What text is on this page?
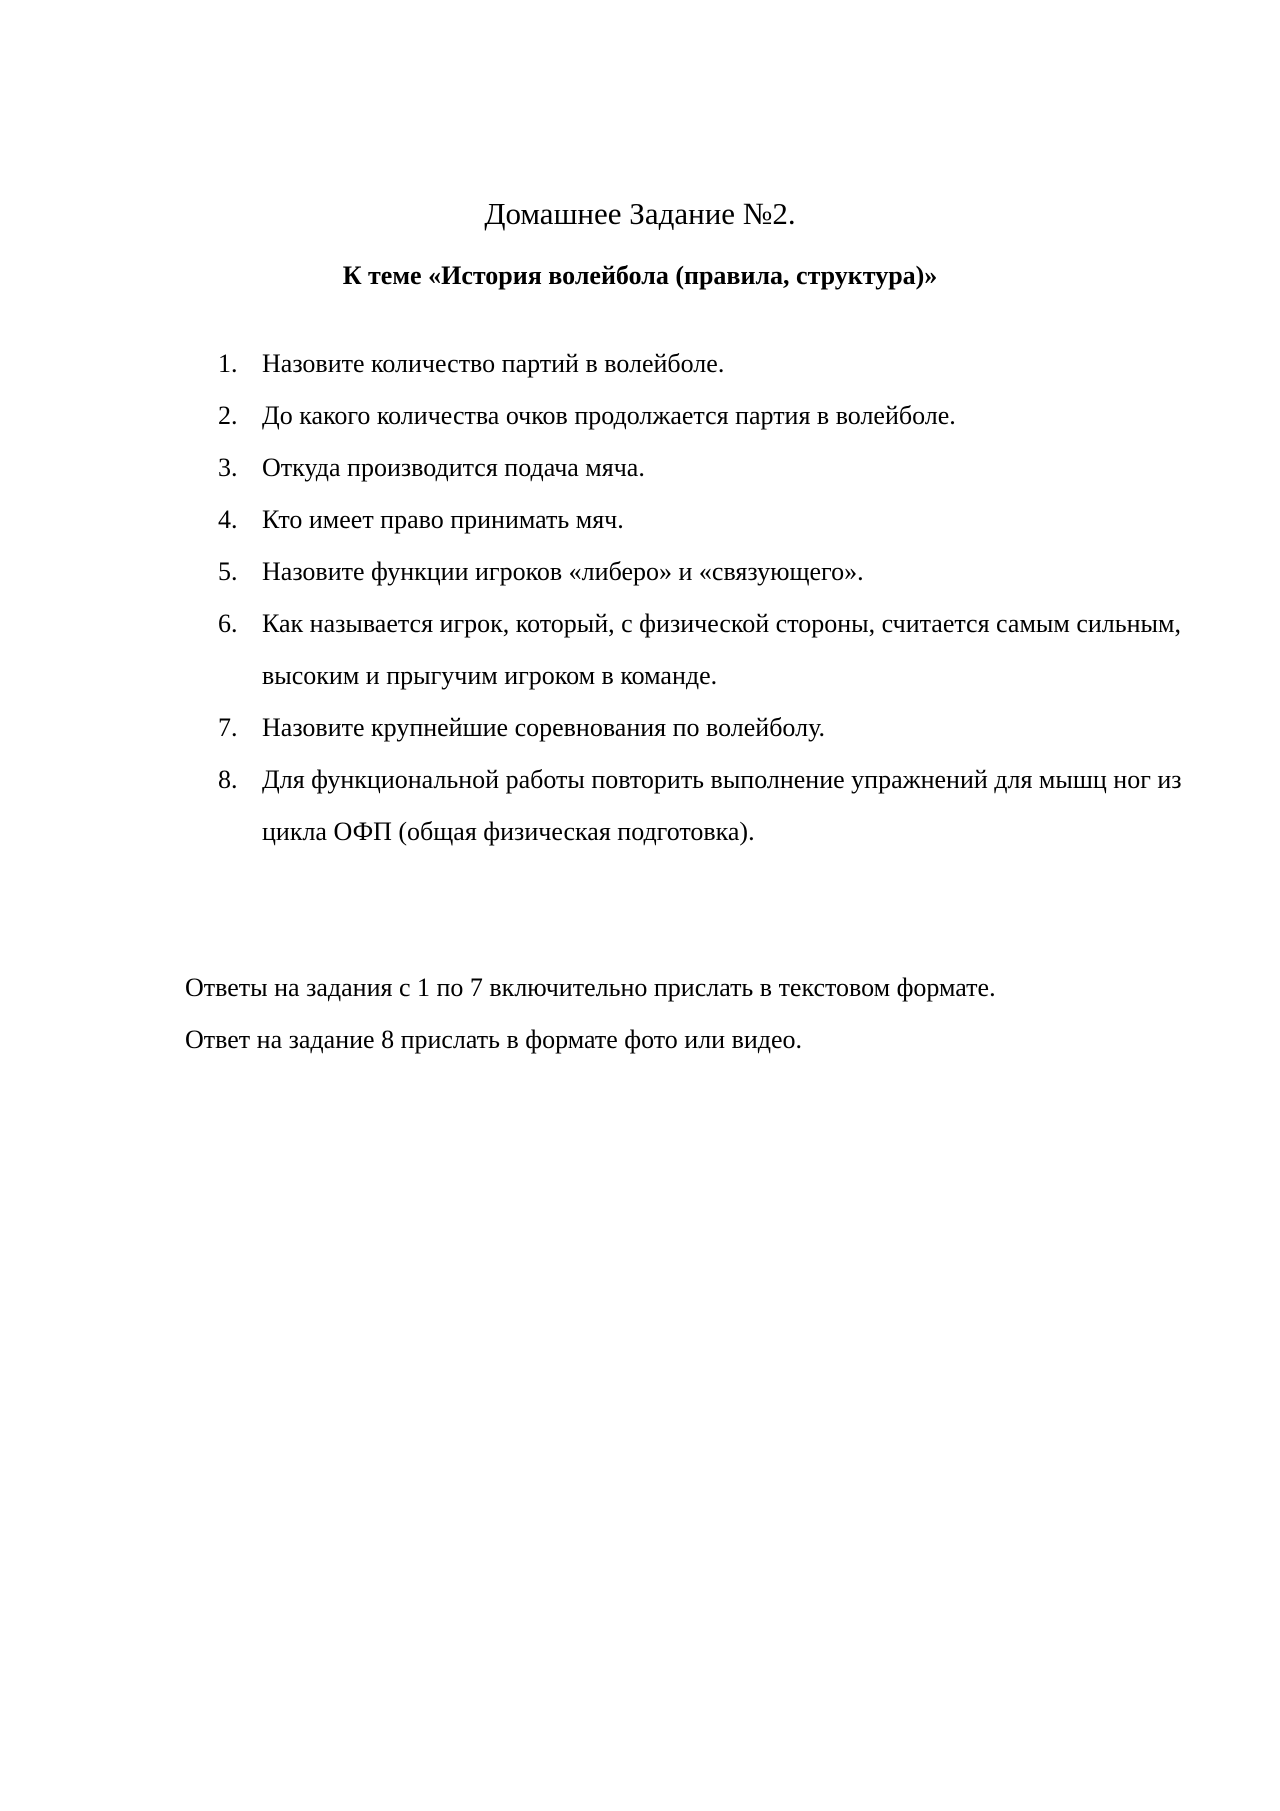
Домашнее Задание №2.
К теме «История волейбола (правила, структура)»
1. Назовите количество партий в волейболе.
2. До какого количества очков продолжается партия в волейболе.
3. Откуда производится подача мяча.
4. Кто имеет право принимать мяч.
5. Назовите функции игроков «либеро» и «связующего».
6. Как называется игрок, который, с физической стороны, считается самым сильным, высоким и прыгучим игроком в команде.
7. Назовите крупнейшие соревнования по волейболу.
8. Для функциональной работы повторить выполнение упражнений для мышц ног из цикла ОФП (общая физическая подготовка).

Ответы на задания с 1 по 7 включительно прислать в текстовом формате.

Ответ на задание 8 прислать в формате фото или видео.
